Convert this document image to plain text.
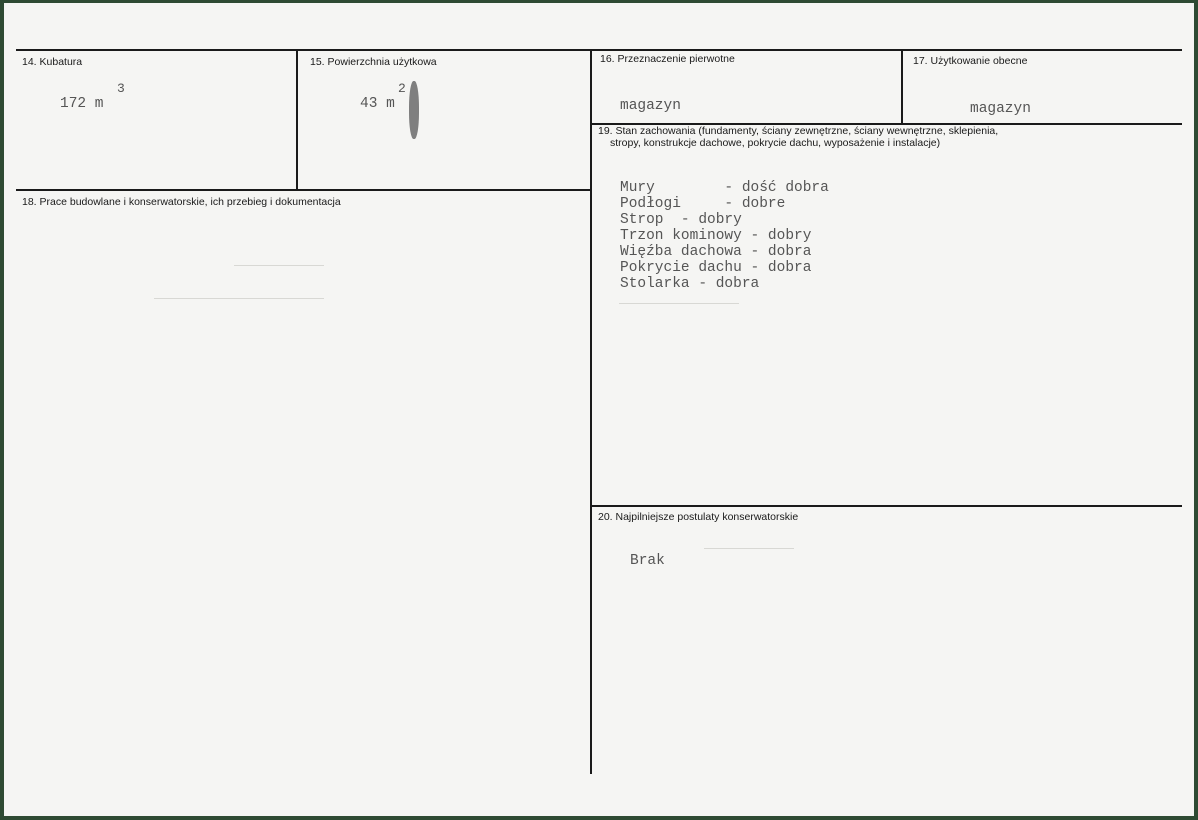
14. Kubatura
3
172 m
15. Powierzchnia użytkowa
2
43 m
16. Przeznaczenie pierwotne
magazyn
17. Użytkowanie obecne
magazyn
18. Prace budowlane i konserwatorskie, ich przebieg i dokumentacja
19. Stan zachowania (fundamenty, ściany zewnętrzne, ściany wewnętrzne, sklepienia,
stropy, konstrukcje dachowe, pokrycie dachu, wyposażenie i instalacje)
Mury        - dość dobra
Podłogi     - dobre
Strop  - dobry
Trzon kominowy - dobry
Więźba dachowa - dobra
Pokrycie dachu - dobra
Stolarka - dobra
20. Najpilniejsze postulaty konserwatorskie
Brak
